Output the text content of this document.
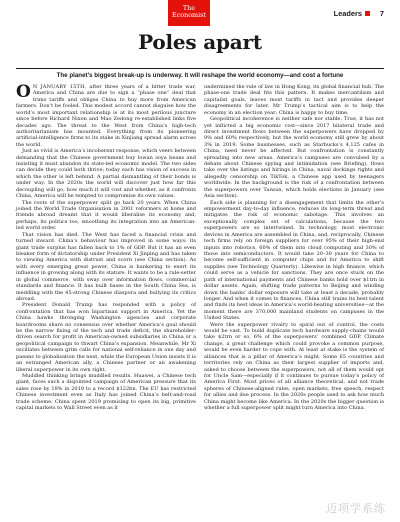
Leaders 7
The
Economist
Poles apart
The planet’s biggest break-up is underway. It will reshape the world economy—and cost a fortune

O N JANUARY 15TH, after three years of a bitter trade war, America and China are due to sign a “phase one” deal that trims tariffs and obliges China to buy more from American farmers. Don’t be fooled. This modest accord cannot disguise how the world’s most important relationship is at its most perilous juncture since before Richard Nixon and Mao Zedong re-established links five decades ago. The threat to the West from China’s high-tech authoritarianism has mounted. Everything from its pioneering artificial-intelligence firms to its stake in Xinjiang spread alarm across the world.

Just as vivid is America’s incoherent response, which veers between demanding that the Chinese government buy lowan soya beans and insisting it must abandon its state-led economic model. The two sides can decide they could both thrive; today each has vision of success in which the other is left behind. A partial dismantling of their bonds is under way. In the 2020s the world will discover just how far this decoupling will go, how much it will cost and whether, as it confronts China, America will be tempted to compromise its own values.

The roots of the superpower split go back 20 years. When China joined the World Trade Organisation in 2001 reformers at home and friends abroad dreamt that it would liberalise its economy and, perhaps, its politics too, smoothing its integration into an American-led world order.

That vision has died. The West has faced a financial crisis and turned inward. China’s behaviour has improved in some ways: its giant trade surplus has fallen back to 1% of GDP. But it has an even bleaker form of dictatorship under President Xi Jinping and has taken to viewing America with distrust and scorn (see China section). As with every emerging great power, China is hankering to exert its influence in growing along with its stature. It wants to be a rule-setter in global commerce, with sway over information flows, commercial standards and finance. It has built bases in the South China Sea, is meddling with the 45-strong Chinese diaspora and bullying its critics abroad.

President Donald Trump has responded with a policy of confrontation that has won bipartisan support in America. Yet the China hawks thronging Washington agencies and corporate boardrooms share no consensus over whether America’s goal should be the narrow fixing of the tech and trade deficit, the shareholder-driven search for profit in American-owned subsidiaries in China or a geopolitical campaign to thwart China’s expansion. Meanwhile, Mr Xi oscillates between grim calls for national self-reliance in one day and paeans to globalisation the next, while the European Union insists it is an estranged American ally, a Chinese partner or an awakening liberal superpower in its own right.

Muddled thinking brings muddled results. Huawei, a Chinese tech giant, faces such a disjointed campaign of American pressure that its sales rose by 18% in 2019 to a record $122bn. The EU has restricted Chinese investment even as Italy has joined China’s belt-and-road trade scheme. China spent 2019 promising to open its big, primitive capital markets to Wall Street even as it

undermined the rule of law in Hong Kong, its global financial hub. The phase-one trade deal fits this pattern. It makes mercantilism and capitalist goals, leaves most tariffs in tact and provides deeper disagreements for later. Mr Trump’s tactical aim is to help the economy in an election year; China is happy to buy time.

Geopolitical incoherence is neither safe nor stable. True, it has not yet inflicted a big economic cost—since 2017 bilateral trade and direct investment flows between the superpowers have dropped by 9% and 60% respectively, but the world economy still grew by about 3% in 2019. Some businesses, such as Starbucks’s 4,125 cafes in China, need never be affected. But confrontation is constantly spreading into new areas. America’s campuses are convulsed by a debate about Chinese spying and intimidation (see Briefing), flows take over the listings and hirings in China, naval dockings rights and allegedly censorship on TikTok, a Chinese app used by teenagers worldwide. In the background is the risk of a confrontation between the superpowers over Taiwan, which holds elections in January (see Asia section).

Each side is planning for a disengagement that limits the other’s empowerment day-to-day influence, reduces its long-term threat and mitigates the risk of economic sabotage. This involves an exceptionally complex set of calculations, because the two superpowers are so intertwined. In technology, most electronic devices in America are assembled in China, and, reciprocally, Chinese tech firms rely on foreign suppliers for over 95% of their high-end inputs into robotics, 60% of them into cloud computing and 30% of those into semiconductors. It would take 20–30 years for China to become self-sufficient in computer chips and for America to shift supplies (see Technology Quarterly). Likewise in high finance, which could serve as a vehicle for sanctions. They are once stuck on the path of international payments and Chinese banks hold over $1trn in dollar assets. Again, shifting trade patterns to Beijing and winding down the banks’ dollar exposure will take at least a decade, probably longer. And when it comes to finances, China still trains its best talent and finds its best ideas in America’s world-beating universities—at the moment there are 370,000 mainland students on campuses in the United States.

Were the superpower rivalry to spiral out of control, the costs would be vast. To build duplicate tech hardware supply-chains would take $2trn or so, 6% of the superpowers’ combined GDP. Climate change, a great challenge which could provoke a common purpose, would be even harder to cope with. At least at stake is the system of alliances that is a pillar of America’s might. Some 65 countries and territories rely on China as their largest supplier of imports and, asked to choose between the superpowers, not all of them would opt for Uncle Sam—especially if it continues to pursue today’s policy of America First. Most prices of all alliance theoretical, and not trade spheres of Chinese-aligned rules, open markets, free speech, respect for allies and due process. In the 2020s people used to ask how much China might become like America. In the 2020s the bigger question is whether a full superpower split might turn America into China.

迈项学系练
